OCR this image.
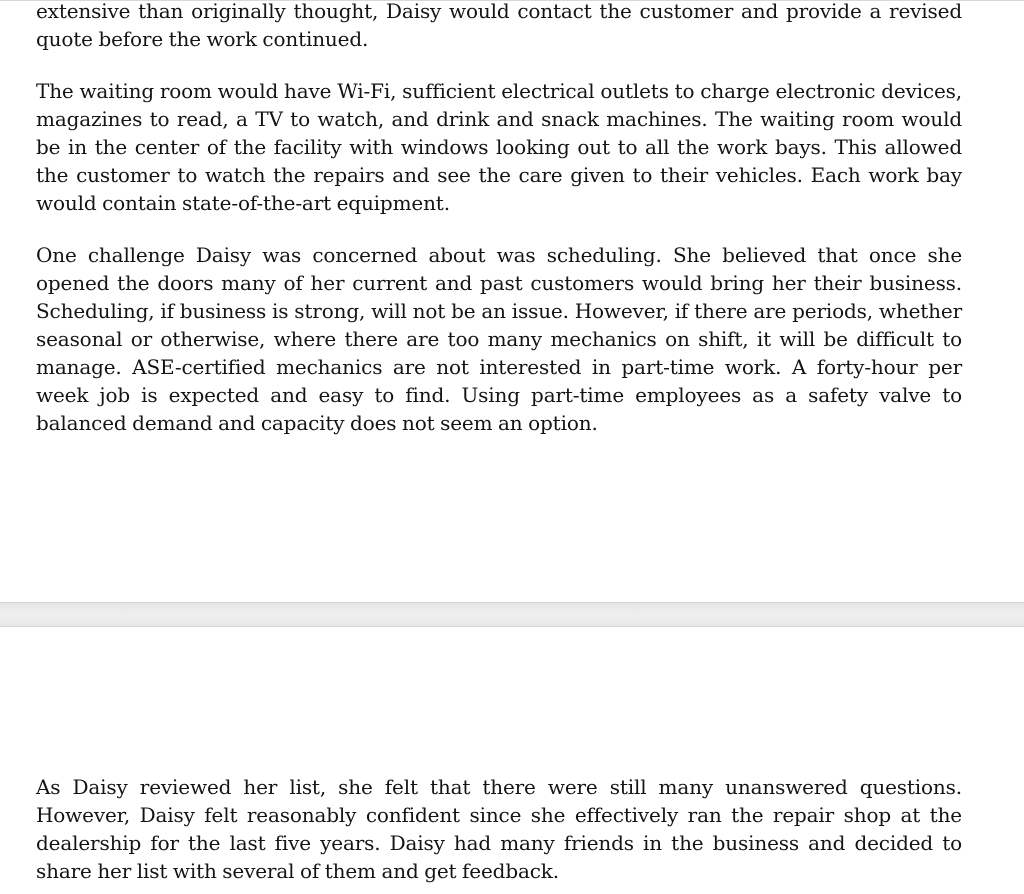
extensive than originally thought, Daisy would contact the customer and provide a revised quote before the work continued.

The waiting room would have Wi-Fi, sufficient electrical outlets to charge electronic devices, magazines to read, a TV to watch, and drink and snack machines. The waiting room would be in the center of the facility with windows looking out to all the work bays. This allowed the customer to watch the repairs and see the care given to their vehicles. Each work bay would contain state-of-the-art equipment.

One challenge Daisy was concerned about was scheduling. She believed that once she opened the doors many of her current and past customers would bring her their business. Scheduling, if business is strong, will not be an issue. However, if there are periods, whether seasonal or otherwise, where there are too many mechanics on shift, it will be difficult to manage. ASE-certified mechanics are not interested in part-time work. A forty-hour per week job is expected and easy to find. Using part-time employees as a safety valve to balanced demand and capacity does not seem an option.

As Daisy reviewed her list, she felt that there were still many unanswered questions. However, Daisy felt reasonably confident since she effectively ran the repair shop at the dealership for the last five years. Daisy had many friends in the business and decided to share her list with several of them and get feedback.
